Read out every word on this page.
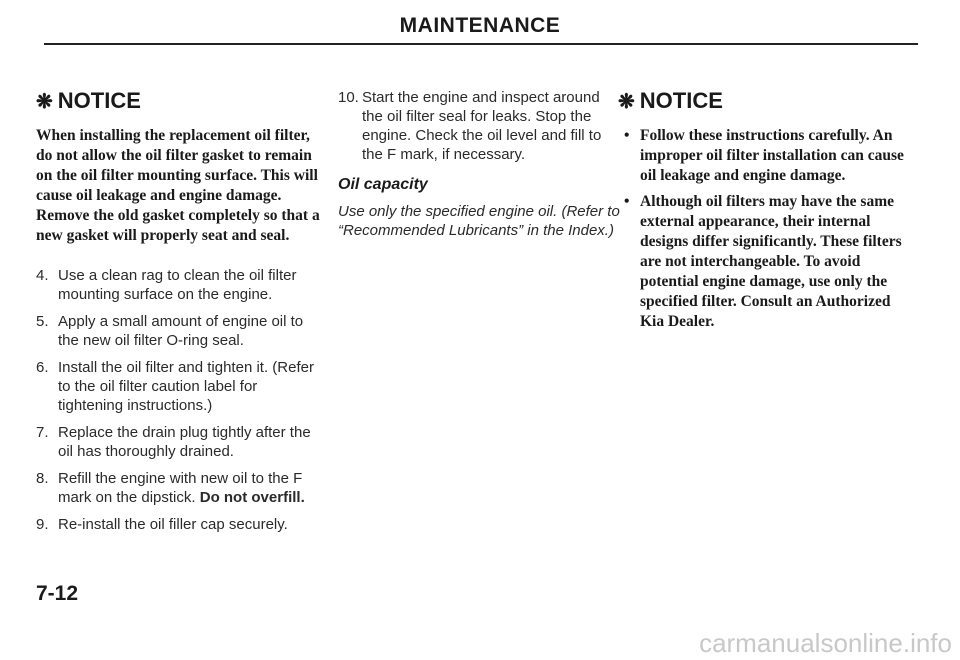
MAINTENANCE
❋ NOTICE

When installing the replacement oil filter, do not allow the oil filter gasket to remain on the oil filter mounting surface. This will cause oil leakage and engine damage. Remove the old gasket completely so that a new gasket will properly seat and seal.

4. Use a clean rag to clean the oil filter mounting surface on the engine.
5. Apply a small amount of engine oil to the new oil filter O-ring seal.
6. Install the oil filter and tighten it. (Refer to the oil filter caution label for tightening instructions.)
7. Replace the drain plug tightly after the oil has thoroughly drained.
8. Refill the engine with new oil to the F mark on the dipstick. Do not overfill.
9. Re-install the oil filler cap securely.
10. Start the engine and inspect around the oil filter seal for leaks. Stop the engine. Check the oil level and fill to the F mark, if necessary.
Oil capacity

Use only the specified engine oil. (Refer to “Recommended Lubricants” in the Index.)

❋ NOTICE
• Follow these instructions carefully. An improper oil filter installation can cause oil leakage and engine damage.
• Although oil filters may have the same external appearance, their internal designs differ significantly. These filters are not interchangeable. To avoid potential engine damage, use only the specified filter. Consult an Authorized Kia Dealer.
7-12
carmanualsonline.info
